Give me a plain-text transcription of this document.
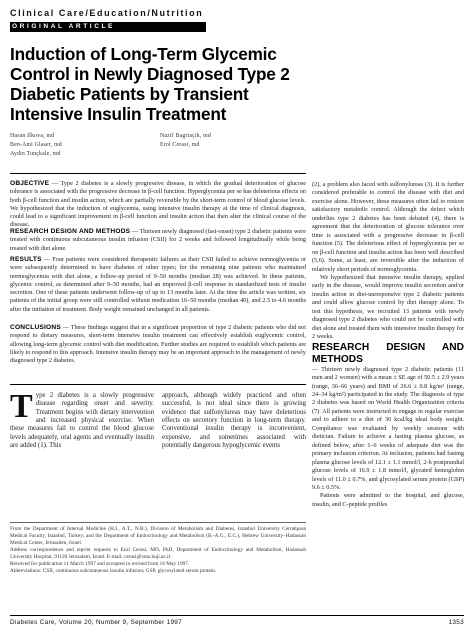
Clinical Care/Education/Nutrition
ORIGINAL ARTICLE
Induction of Long-Term Glycemic Control in Newly Diagnosed Type 2 Diabetic Patients by Transient Intensive Insulin Treatment
Hasan Ilkova, md
Ben-Ami Glaser, md
Aydin Tunçkale, md
Nazif Bagriaçik, md
Erol Cerasi, md
OBJECTIVE — Type 2 diabetes is a slowly progressive disease, in which the gradual deterioration of glucose tolerance is associated with the progressive decrease in β-cell function. Hyperglycemia per se has deleterious effects on both β-cell function and insulin action, which are partially reversible by the short-term control of blood glucose levels. We hypothesized that the induction of euglycemia, using intensive insulin therapy at the time of clinical diagnosis, could lead to a significant improvement in β-cell function and insulin action that then alter the clinical course of the disease.
RESEARCH DESIGN AND METHODS — Thirteen newly diagnosed (fast-onset) type 2 diabetic patients were treated with continuous subcutaneous insulin infusion (CSII) for 2 weeks and followed longitudinally while being treated with diet alone.
RESULTS — Four patients were considered therapeutic failures as their CSII failed to achieve normoglycemia or were subsequently determined to have diabetes of other types; for the remaining nine patients who maintained normoglycemia with diet alone, a follow-up period of 9–50 months (median 28) was achieved. In these patients, glycemic control, as determined after 9–50 months, had an improved β-cell response in standardized tests of insulin secretion. One of these patients underwent follow-up of up to 13 months later. At the time the article was written, six patients of the initial group were still controlled without medication 16–50 months (median 40), and 2.5 to 4.6 months after the initiation of treatment. Body weight remained unchanged in all patients.
CONCLUSIONS — These findings suggest that in a significant proportion of type 2 diabetic patients who did not respond to dietary measures, short-term intensive insulin treatment can effectively establish euglycemic control, allowing long-term glycemic control with diet modification. Further studies are required to establish which patients are likely to respond to this approach. Intensive insulin therapy may be an important approach to the management of newly diagnosed type 2 diabetes.
T ype 2 diabetes is a slowly progressive disease regarding onset and severity. Treatment begins with dietary intervention and increased physical exercise. When these measures fail to control the blood glucose levels adequately, oral agents and eventually insulin are added (1). This
approach, although widely practiced and often successful, is not ideal since there is growing evidence that sulfonylureas may have deleterious effects on secretory function in long-term therapy. Conventional insulin therapy is inconvenient, expensive, and sometimes associated with potentially dangerous hypoglycemic events

From the Department of Internal Medicine (H.I., A.T., N.B.), Division of Metabolism and Diabetes, Istanbul University Cerrahpasa Medical Faculty, Istanbul, Turkey; and the Department of Endocrinology and Metabolism (B.-A.G., E.C.), Hebrew University–Hadassah Medical Center, Jerusalem, Israel.

Address correspondence and reprint requests to Erol Cerasi, MD, PhD, Department of Endocrinology and Metabolism, Hadassah University Hospital, 91120 Jerusalem, Israel. E-mail: cerasi@vms.huji.ac.il.

Received for publication 11 March 1997 and accepted in revised form 16 May 1997.

Abbreviations: CSII, continuous subcutaneous insulin infusion; GSP, glycosylated serum protein.

(2), a problem also faced with sulfonylureas (3). It is further considered preferable to control the disease with diet and exercise alone. However, these measures often fail to restore satisfactory metabolic control. Although the defect which underlies type 2 diabetes has been debated (4), there is agreement that the deterioration of glucose tolerance over time is associated with a progressive decrease in β-cell function (5). The deleterious effect of hyperglycemia per se on β-cell function and insulin action has been well described (5,6). Some, at least, are reversible after the induction of relatively short periods of normoglycemia.

We hypothesized that intensive insulin therapy, applied early in the disease, would improve insulin secretion and/or insulin action in diet-unresponsive type 2 diabetic patients and could allow glucose control by diet therapy alone. To test this hypothesis, we recruited 13 patients with newly diagnosed type 2 diabetes who could not be controlled with diet alone and treated them with intensive insulin therapy for 2 weeks.

RESEARCH DESIGN AND METHODS

— Thirteen newly diagnosed type 2 diabetic patients (11 men and 2 women) with a mean ± SE age of 50.5 ± 2.9 years (range, 36–66 years) and BMI of 26.6 ± 0.8 kg/m² (range, 24–34 kg/m²) participated in the study. The diagnosis of type 2 diabetes was based on World Health Organization criteria (7). All patients were instructed to engage in regular exercise and to adhere to a diet of 30 kcal/kg ideal body weight. Compliance was evaluated by weekly sessions with dietician. Failure to achieve a fasting plasma glucose, as defined below, after 1–6 weeks of adequate diet was the primary inclusion criterion. At inclusion, patients had fasting plasma glucose levels of 12.1 ± 1.1 mmol/l, 2-h postprandial glucose levels of 16.9 ± 1.8 mmol/l, glycated hemoglobin levels of 11.0 ± 0.7%, and glycosylated serum protein (GSP) 9.6 ± 0.5%.

Patients were admitted to the hospital, and glucose, insulin, and C-peptide profiles

Diabetes Care, Volume 20, Number 9, September 1997	1353
